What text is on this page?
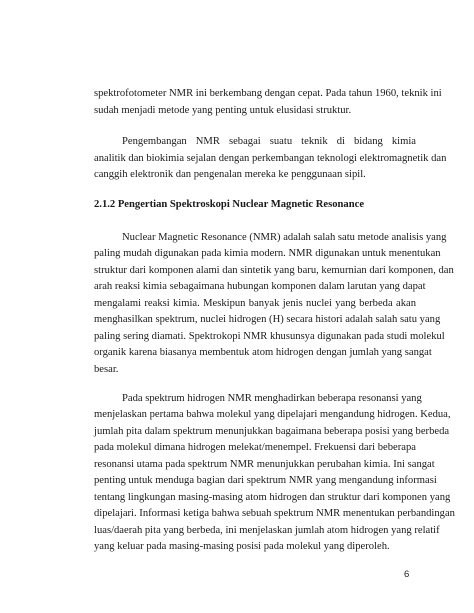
spektrofotometer NMR ini berkembang dengan cepat. Pada tahun 1960, teknik ini

sudah menjadi metode yang penting untuk elusidasi struktur.

Pengembangan NMR sebagai suatu teknik di bidang kimia

analitik dan biokimia sejalan dengan perkembangan teknologi elektromagnetik dan

canggih elektronik dan pengenalan mereka ke penggunaan sipil.

2.1.2 Pengertian Spektroskopi Nuclear Magnetic Resonance

Nuclear Magnetic Resonance (NMR) adalah salah satu metode analisis yang

paling mudah digunakan pada kimia modern. NMR digunakan untuk menentukan

struktur dari komponen alami dan sintetik yang baru, kemurnian dari komponen, dan

arah reaksi kimia sebagaimana hubungan komponen dalam larutan yang dapat

mengalami reaksi kimia. Meskipun banyak jenis nuclei yang berbeda akan

menghasilkan spektrum, nuclei hidrogen (H) secara histori adalah salah satu yang

paling sering diamati. Spektrokopi NMR khusunsya digunakan pada studi molekul

organik karena biasanya membentuk atom hidrogen dengan jumlah yang sangat

besar.

Pada spektrum hidrogen NMR menghadirkan beberapa resonansi yang

menjelaskan pertama bahwa molekul yang dipelajari mengandung hidrogen. Kedua,

jumlah pita dalam spektrum menunjukkan bagaimana beberapa posisi yang berbeda

pada molekul dimana hidrogen melekat/menempel. Frekuensi dari beberapa

resonansi utama pada spektrum NMR menunjukkan perubahan kimia. Ini sangat

penting untuk menduga bagian dari spektrum NMR yang mengandung informasi

tentang lingkungan masing-masing atom hidrogen dan struktur dari komponen yang

dipelajari. Informasi ketiga bahwa sebuah spektrum NMR menentukan perbandingan

luas/daerah pita yang berbeda, ini menjelaskan jumlah atom hidrogen yang relatif

yang keluar pada masing-masing posisi pada molekul yang diperoleh.

6
